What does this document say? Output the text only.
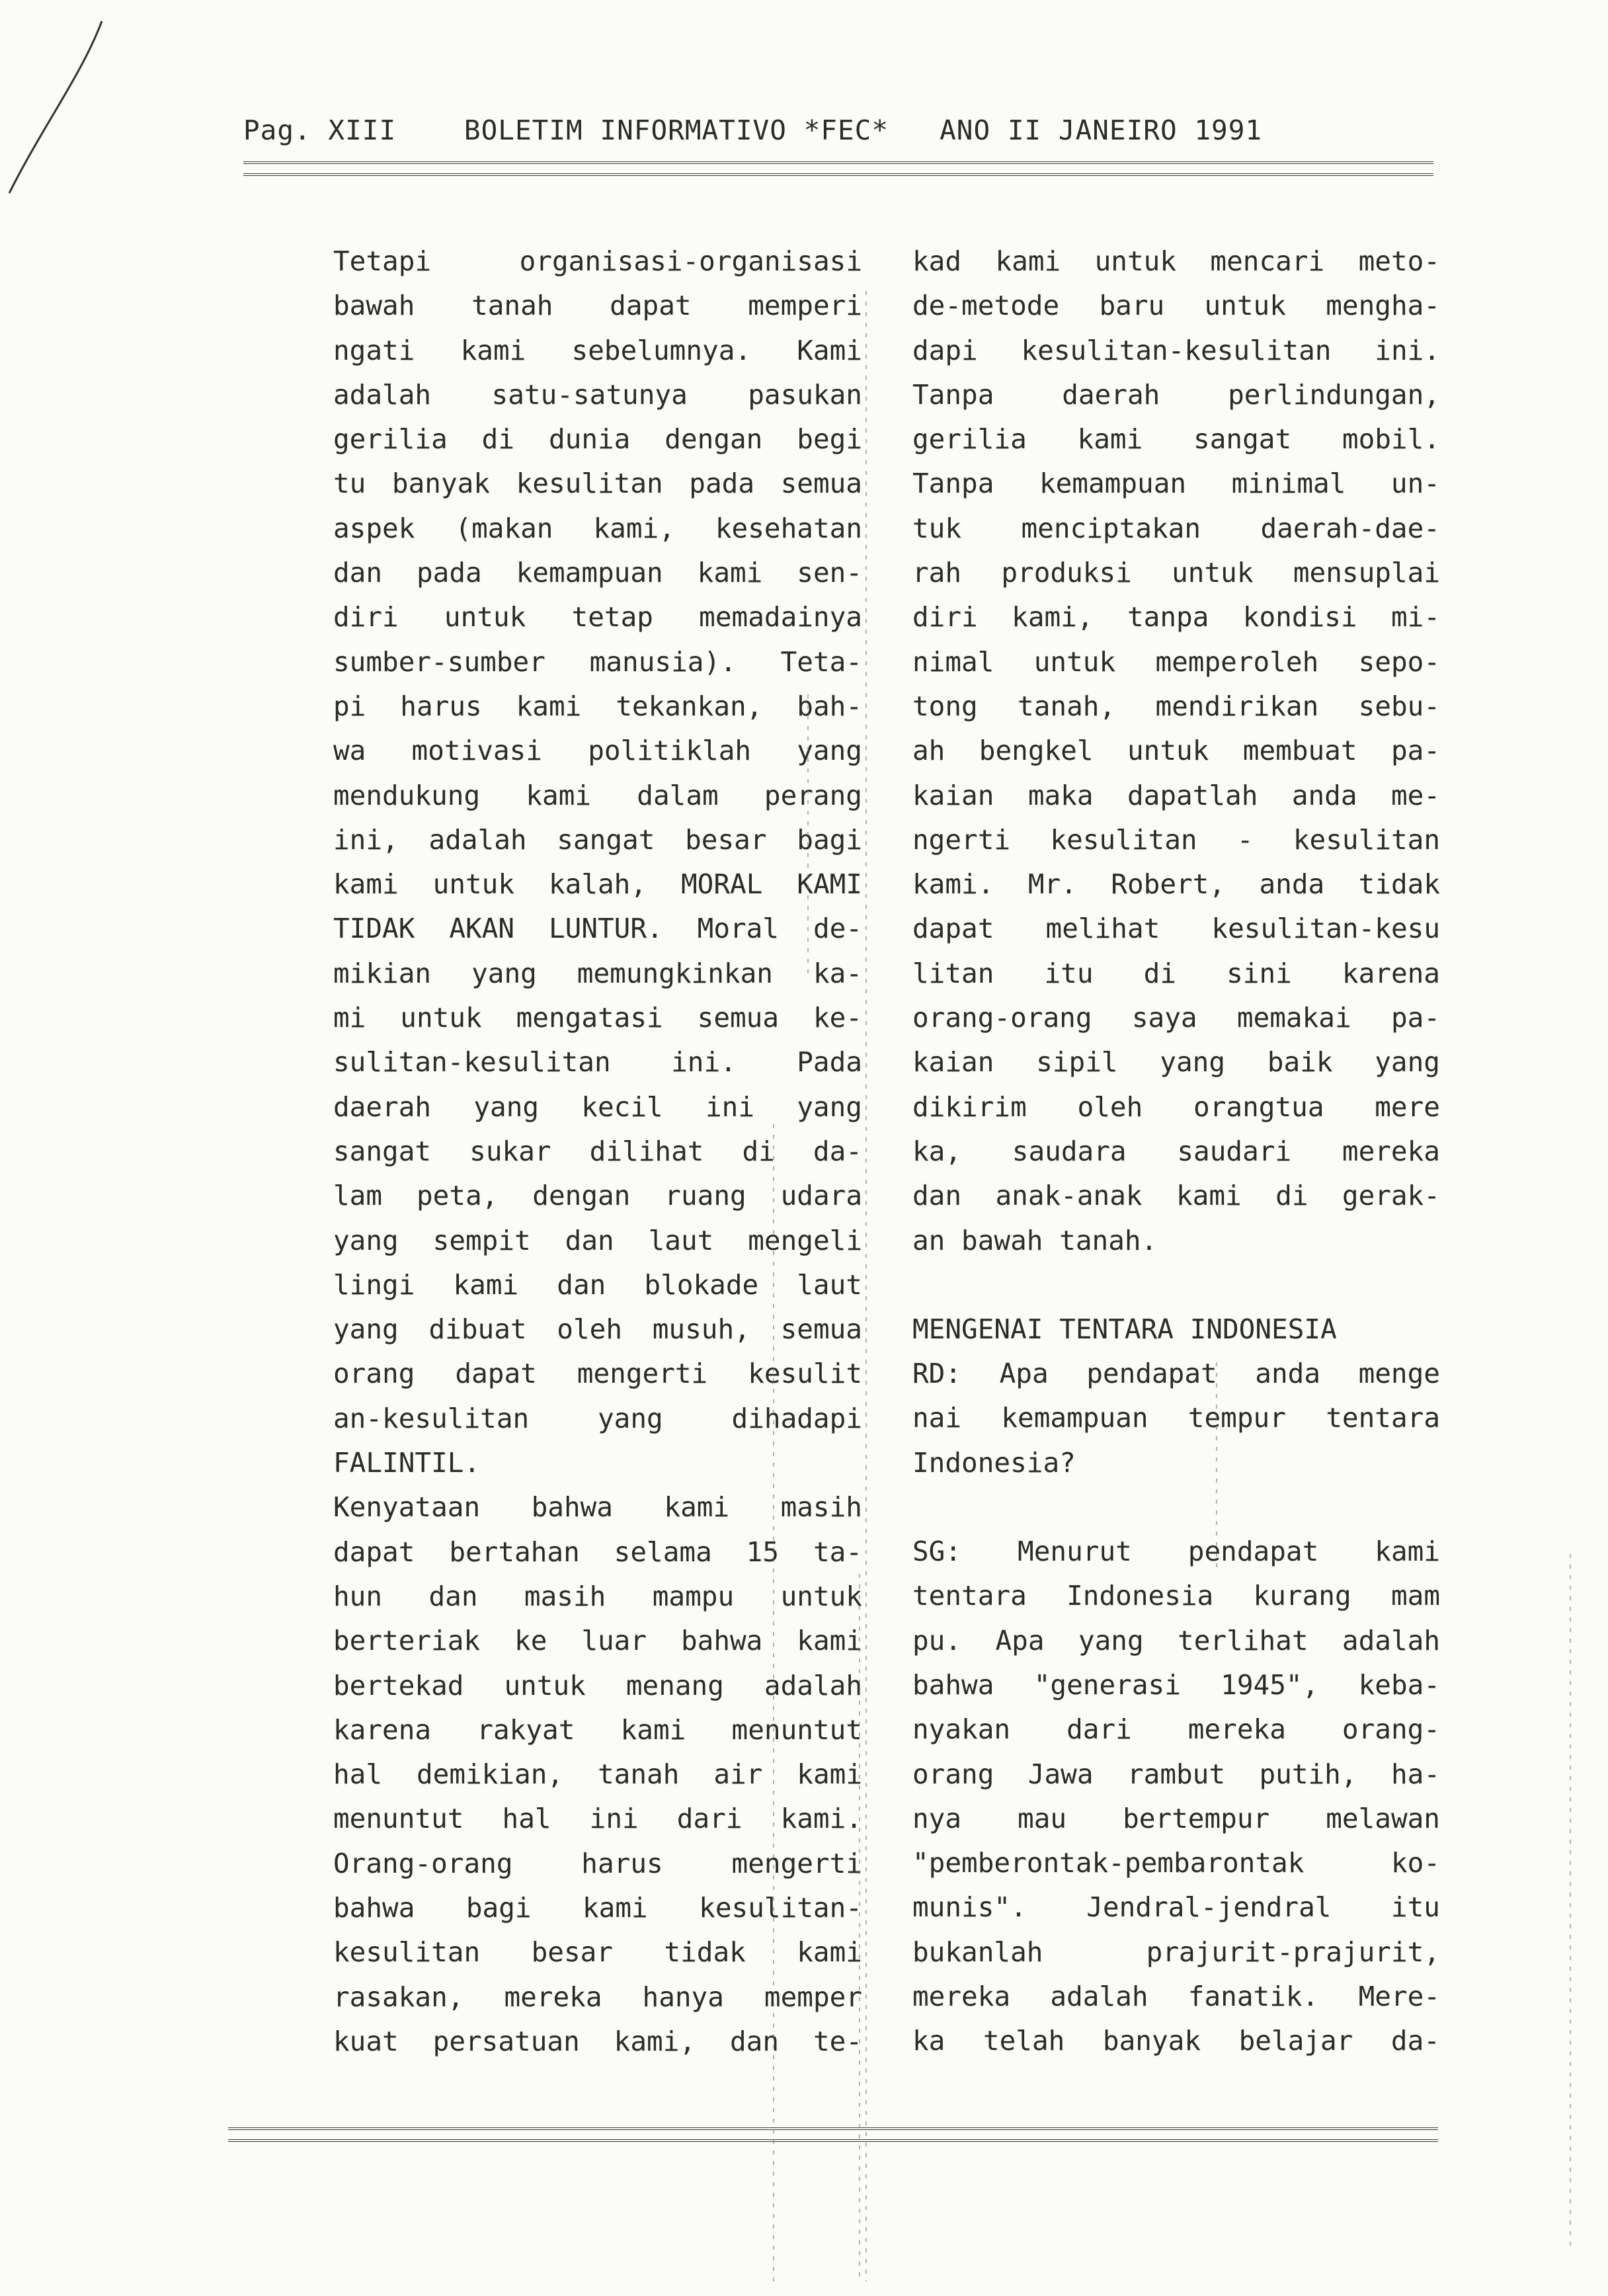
Pag. XIII	BOLETIM INFORMATIVO *FEC* ANO II JANEIRO 1991
Tetapi organisasi-organisasi
bawah tanah dapat memperi
ngati kami sebelumnya. Kami
adalah satu-satunya pasukan
gerilia di dunia dengan begi
tu banyak kesulitan pada semua
aspek (makan kami, kesehatan
dan pada kemampuan kami sen-
diri untuk tetap memadainya
sumber-sumber manusia). Teta-
pi harus kami tekankan, bah-
wa motivasi politiklah yang
mendukung kami dalam perang
ini, adalah sangat besar bagi
kami untuk kalah, MORAL KAMI
TIDAK AKAN LUNTUR. Moral de-
mikian yang memungkinkan ka-
mi untuk mengatasi semua ke-
sulitan-kesulitan ini. Pada
daerah yang kecil ini yang
sangat sukar dilihat di da-
lam peta, dengan ruang udara
yang sempit dan laut mengeli
lingi kami dan blokade laut
yang dibuat oleh musuh, semua
orang dapat mengerti kesulit
an-kesulitan yang dihadapi
FALINTIL.
Kenyataan bahwa kami masih
dapat bertahan selama 15 ta-
hun dan masih mampu untuk
berteriak ke luar bahwa kami
bertekad untuk menang adalah
karena rakyat kami menuntut
hal demikian, tanah air kami
menuntut hal ini dari kami.
Orang-orang harus mengerti
bahwa bagi kami kesulitan-
kesulitan besar tidak kami
rasakan, mereka hanya memper
kuat persatuan kami, dan te-
kad kami untuk mencari meto-
de-metode baru untuk mengha-
dapi kesulitan-kesulitan ini.
Tanpa daerah perlindungan,
gerilia kami sangat mobil.
Tanpa kemampuan minimal un-
tuk menciptakan daerah-dae-
rah produksi untuk mensuplai
diri kami, tanpa kondisi mi-
nimal untuk memperoleh sepo-
tong tanah, mendirikan sebu-
ah bengkel untuk membuat pa-
kaian maka dapatlah anda me-
ngerti kesulitan - kesulitan
kami. Mr. Robert, anda tidak
dapat melihat kesulitan-kesu
litan itu di sini karena
orang-orang saya memakai pa-
kaian sipil yang baik yang
dikirim oleh orangtua mere
ka, saudara saudari mereka
dan anak-anak kami di gerak-
an bawah tanah.
MENGENAI TENTARA INDONESIA
RD: Apa pendapat anda menge
nai kemampuan tempur tentara
Indonesia?
SG: Menurut pendapat kami
tentara Indonesia kurang mam
pu. Apa yang terlihat adalah
bahwa "generasi 1945", keba-
nyakan dari mereka orang-
orang Jawa rambut putih, ha-
nya mau bertempur melawan
"pemberontak-pembarontak ko-
munis". Jendral-jendral itu
bukanlah prajurit-prajurit,
mereka adalah fanatik. Mere-
ka telah banyak belajar da-
